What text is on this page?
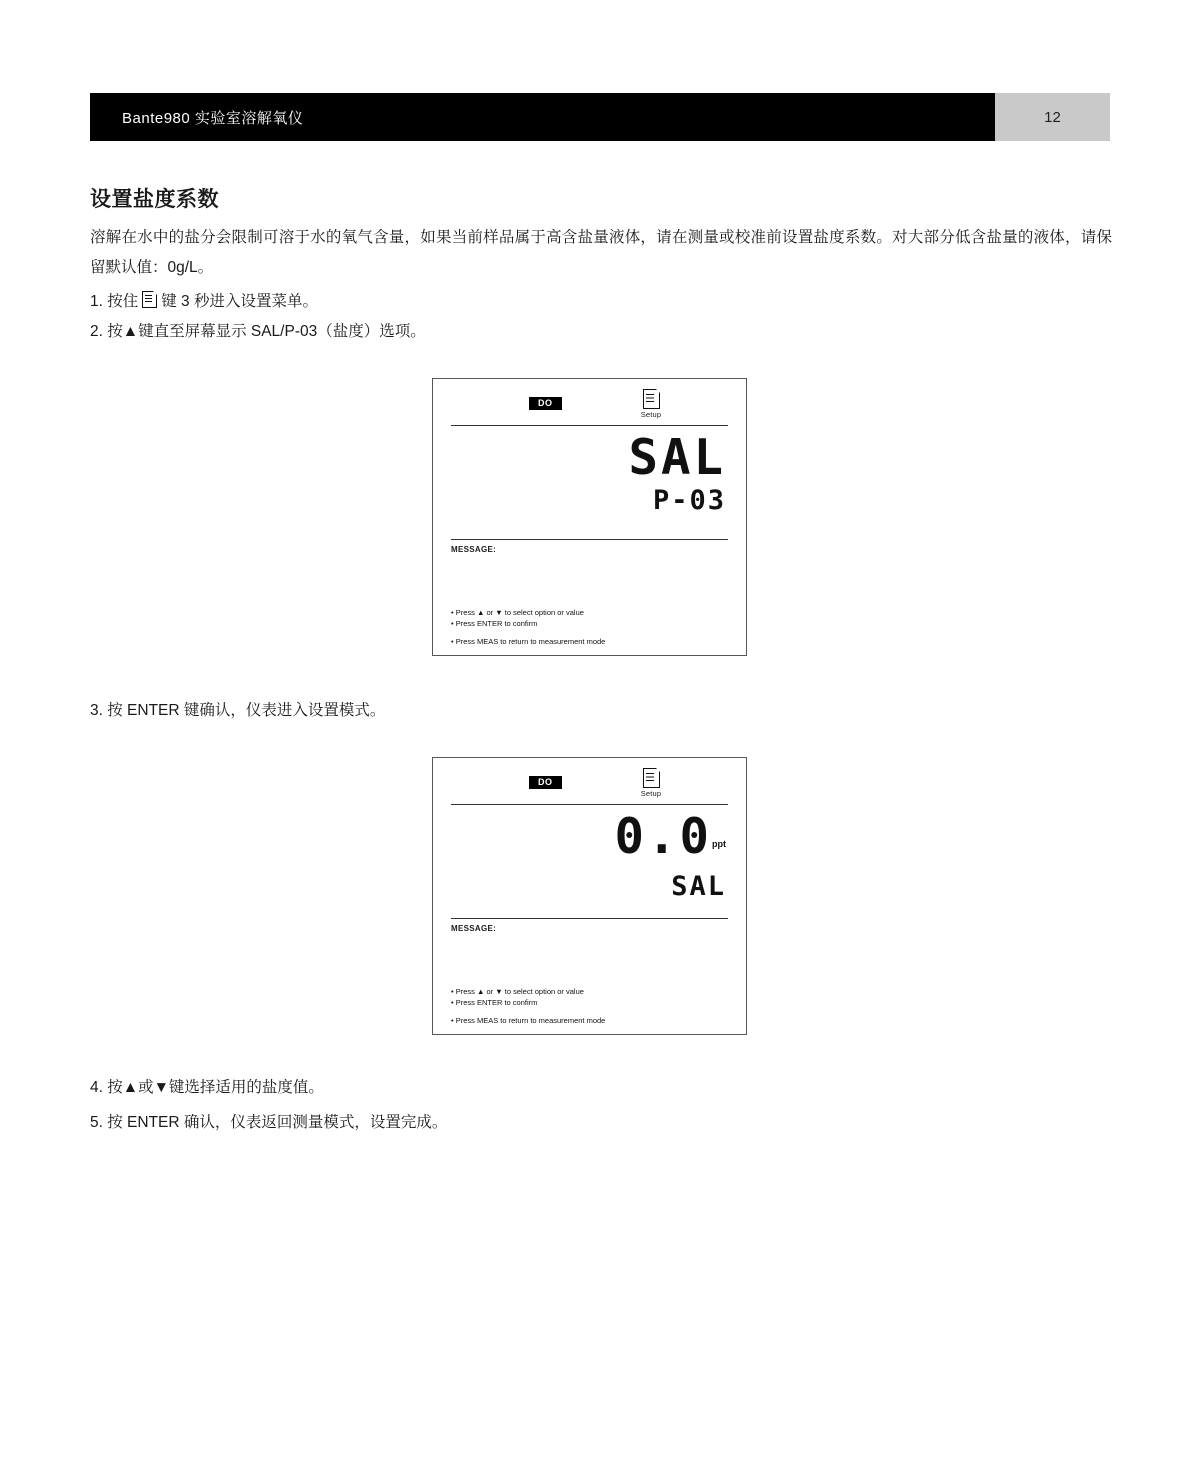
Bante980 实验室溶解氧仪	12
设置盐度系数

溶解在水中的盐分会限制可溶于水的氧气含量，如果当前样品属于高含盐量液体，请在测量或校准前设置盐度系数。对大部分低含盐量的液体，请保留默认值：0g/L。

1. 按住 键 3 秒进入设置菜单。

2. 按▲键直至屏幕显示 SAL/P-03（盐度）选项。

DO
Setup
SAL
P-03
MESSAGE:
• Press ▲ or ▼ to select option or value
• Press ENTER to confirm
• Press MEAS to return to measurement mode
3. 按 ENTER 键确认，仪表进入设置模式。
DO
Setup
0.0ppt
SAL
MESSAGE:
• Press ▲ or ▼ to select option or value
• Press ENTER to confirm
• Press MEAS to return to measurement mode
4. 按▲或▼键选择适用的盐度值。
5. 按 ENTER 确认，仪表返回测量模式，设置完成。
